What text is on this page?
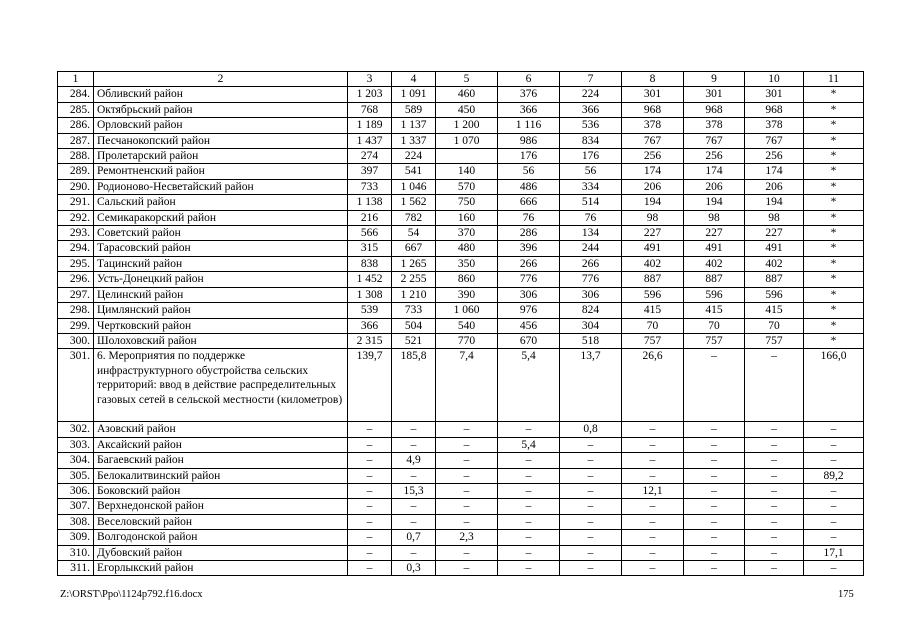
1	2	3	4	5	6	7	8	9	10	11
284.	Обливский район	1 203	1 091	460	376	224	301	301	301	*
285.	Октябрьский район	768	589	450	366	366	968	968	968	*
286.	Орловский район	1 189	1 137	1 200	1 116	536	378	378	378	*
287.	Песчанокопский район	1 437	1 337	1 070	986	834	767	767	767	*
288.	Пролетарский район	274	224		176	176	256	256	256	*
289.	Ремонтненский район	397	541	140	56	56	174	174	174	*
290.	Родионово-Несветайский район	733	1 046	570	486	334	206	206	206	*
291.	Сальский район	1 138	1 562	750	666	514	194	194	194	*
292.	Семикаракорский район	216	782	160	76	76	98	98	98	*
293.	Советский район	566	54	370	286	134	227	227	227	*
294.	Тарасовский район	315	667	480	396	244	491	491	491	*
295.	Тацинский район	838	1 265	350	266	266	402	402	402	*
296.	Усть-Донецкий район	1 452	2 255	860	776	776	887	887	887	*
297.	Целинский район	1 308	1 210	390	306	306	596	596	596	*
298.	Цимлянский район	539	733	1 060	976	824	415	415	415	*
299.	Чертковский район	366	504	540	456	304	70	70	70	*
300.	Шолоховский район	2 315	521	770	670	518	757	757	757	*
301.	6. Мероприятия по поддержке инфраструктурного обустройства сельских территорий: ввод в действие распределительных газовых сетей в сельской местности (километров)	139,7	185,8	7,4	5,4	13,7	26,6	–	–	166,0
302.	Азовский район	–	–	–	–	0,8	–	–	–	–
303.	Аксайский район	–	–	–	5,4	–	–	–	–	–
304.	Багаевский район	–	4,9	–	–	–	–	–	–	–
305.	Белокалитвинский район	–	–	–	–	–	–	–	–	89,2
306.	Боковский район	–	15,3	–	–	–	12,1	–	–	–
307.	Верхнедонской район	–	–	–	–	–	–	–	–	–
308.	Веселовский район	–	–	–	–	–	–	–	–	–
309.	Волгодонской район	–	0,7	2,3	–	–	–	–	–	–
310.	Дубовский район	–	–	–	–	–	–	–	–	17,1
311.	Егорлыкский район	–	0,3	–	–	–	–	–	–	–
Z:\ORST\Ppo\1124p792.f16.docx	175
